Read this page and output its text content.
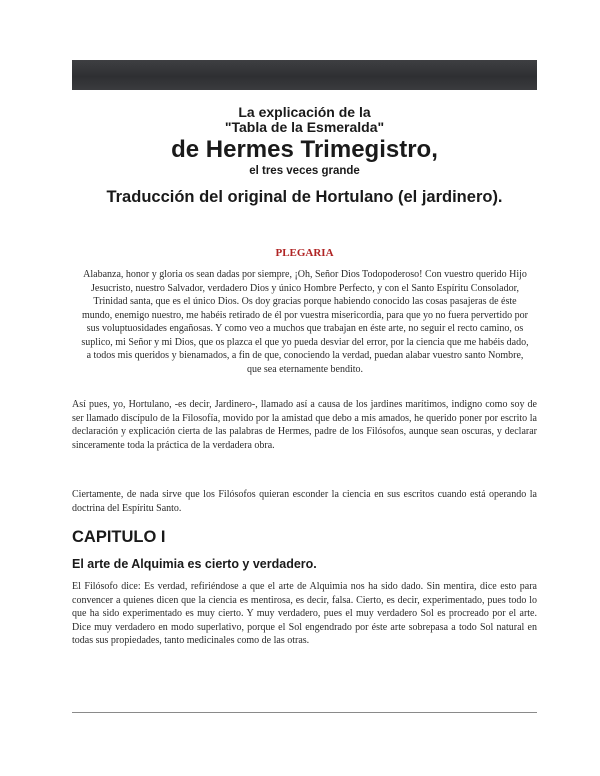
La explicación de la
"Tabla de la Esmeralda"
de Hermes Trimegistro,
el tres veces grande
Traducción del original de Hortulano (el jardinero).
PLEGARIA
Alabanza, honor y gloria os sean dadas por siempre, ¡Oh, Señor Dios Todopoderoso! Con vuestro querido Hijo Jesucristo, nuestro Salvador, verdadero Dios y único Hombre Perfecto, y con el Santo Espíritu Consolador, Trinidad santa, que es el único Dios. Os doy gracias porque habiendo conocido las cosas pasajeras de éste mundo, enemigo nuestro, me habéis retirado de él por vuestra misericordia, para que yo no fuera pervertido por sus voluptuosidades engañosas. Y como veo a muchos que trabajan en éste arte, no seguir el recto camino, os suplico, mi Señor y mi Dios, que os plazca el que yo pueda desviar del error, por la ciencia que me habéis dado, a todos mis queridos y bienamados, a fin de que, conociendo la verdad, puedan alabar vuestro santo Nombre, que sea eternamente bendito.
Así pues, yo, Hortulano, -es decir, Jardinero-, llamado así a causa de los jardines marítimos, indigno como soy de ser llamado discípulo de la Filosofía, movido por la amistad que debo a mis amados, he querido poner por escrito la declaración y explicación cierta de las palabras de Hermes, padre de los Filósofos, aunque sean oscuras, y declarar sinceramente toda la práctica de la verdadera obra.
Ciertamente, de nada sirve que los Filósofos quieran esconder la ciencia en sus escritos cuando está operando la doctrina del Espíritu Santo.
CAPITULO I
El arte de Alquimia es cierto y verdadero.
El Filósofo dice: Es verdad, refiriéndose a que el arte de Alquimia nos ha sido dado. Sin mentira, dice esto para convencer a quienes dicen que la ciencia es mentirosa, es decir, falsa. Cierto, es decir, experimentado, pues todo lo que ha sido experimentado es muy cierto. Y muy verdadero, pues el muy verdadero Sol es procreado por el arte. Dice muy verdadero en modo superlativo, porque el Sol engendrado por éste arte sobrepasa a todo Sol natural en todas sus propiedades, tanto medicinales como de las otras.
